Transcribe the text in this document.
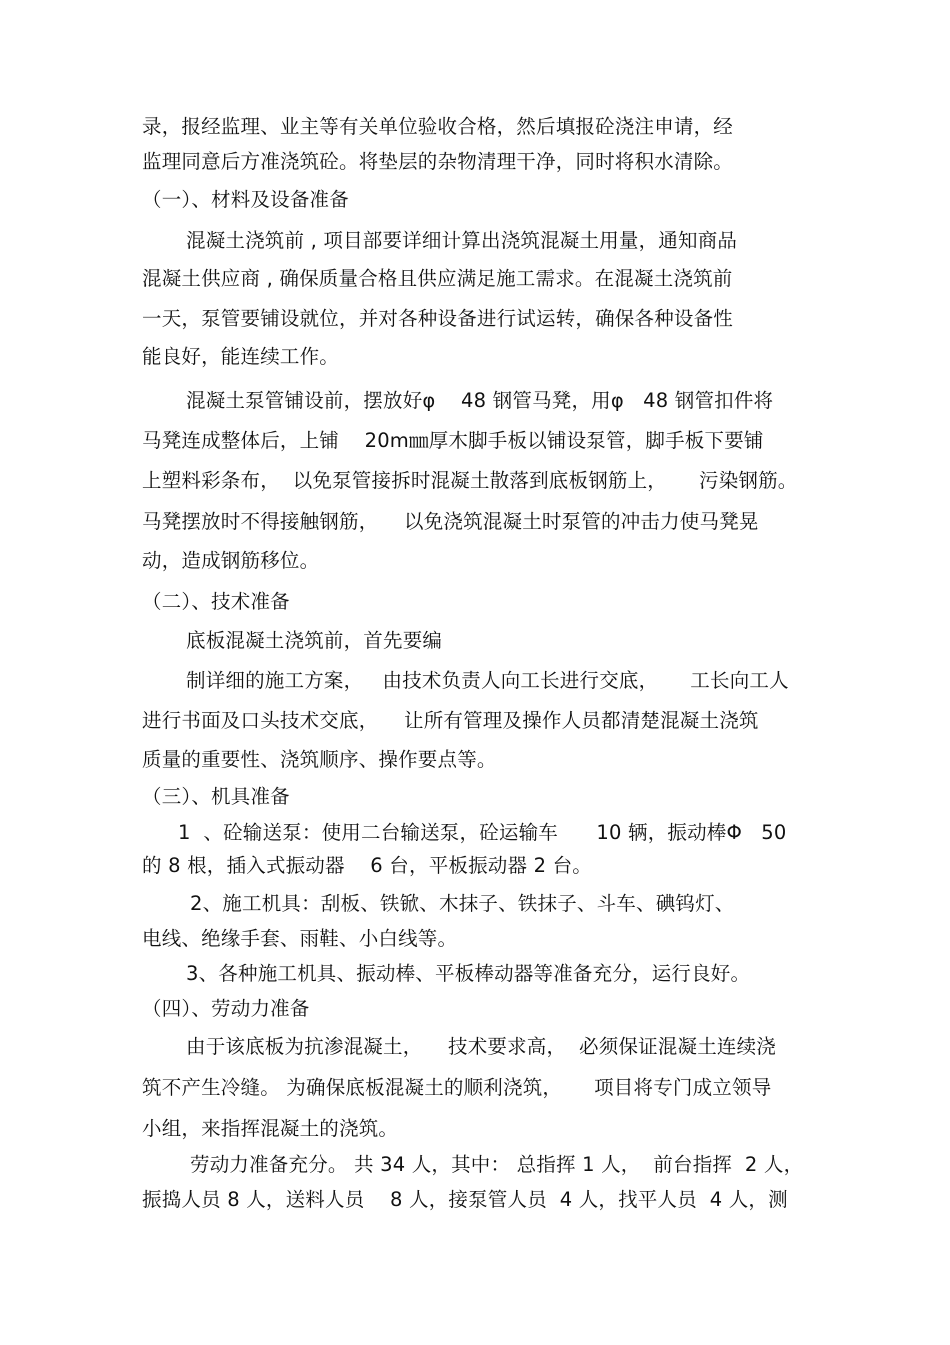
录，报经监理、业主等有关单位验收合格，然后填报砼浇注申请，经
监理同意后方准浇筑砼。将垫层的杂物清理干净，同时将积水清除。
（一）、材料及设备准备
混凝土浇筑前 , 项目部要详细计算出浇筑混凝土用量，通知商品
混凝土供应商 , 确保质量合格且供应满足施工需求。在混凝土浇筑前
一天，泵管要铺设就位，并对各种设备进行试运转，确保各种设备性
能良好，能连续工作。
混凝土泵管铺设前，摆放好φ    48 钢管马凳，用φ   48 钢管扣件将
马凳连成整体后，上铺    20m㎜厚木脚手板以铺设泵管，脚手板下要铺
上塑料彩条布，  以免泵管接拆时混凝土散落到底板钢筋上，     污染钢筋。
马凳摆放时不得接触钢筋，    以免浇筑混凝土时泵管的冲击力使马凳晃
动，造成钢筋移位。
（二）、技术准备
底板混凝土浇筑前，首先要编
制详细的施工方案，   由技术负责人向工长进行交底，     工长向工人
进行书面及口头技术交底，    让所有管理及操作人员都清楚混凝土浇筑
质量的重要性、浇筑顺序、操作要点等。
（三）、机具准备
1  、砼输送泵：使用二台输送泵，砼运输车      10 辆，振动棒Φ   50
的 8 根，插入式振动器    6 台，平板振动器 2 台。
2、施工机具：刮板、铁锨、木抹子、铁抹子、斗车、碘钨灯、
电线、绝缘手套、雨鞋、小白线等。
3、各种施工机具、振动棒、平板棒动器等准备充分，运行良好。
（四）、劳动力准备
由于该底板为抗渗混凝土，    技术要求高，  必须保证混凝土连续浇
筑不产生冷缝。 为确保底板混凝土的顺利浇筑，     项目将专门成立领导
小组，来指挥混凝土的浇筑。
劳动力准备充分。 共 34 人，其中： 总指挥 1 人，  前台指挥  2 人，
振捣人员 8 人，送料人员    8 人，接泵管人员  4 人，找平人员  4 人，测
